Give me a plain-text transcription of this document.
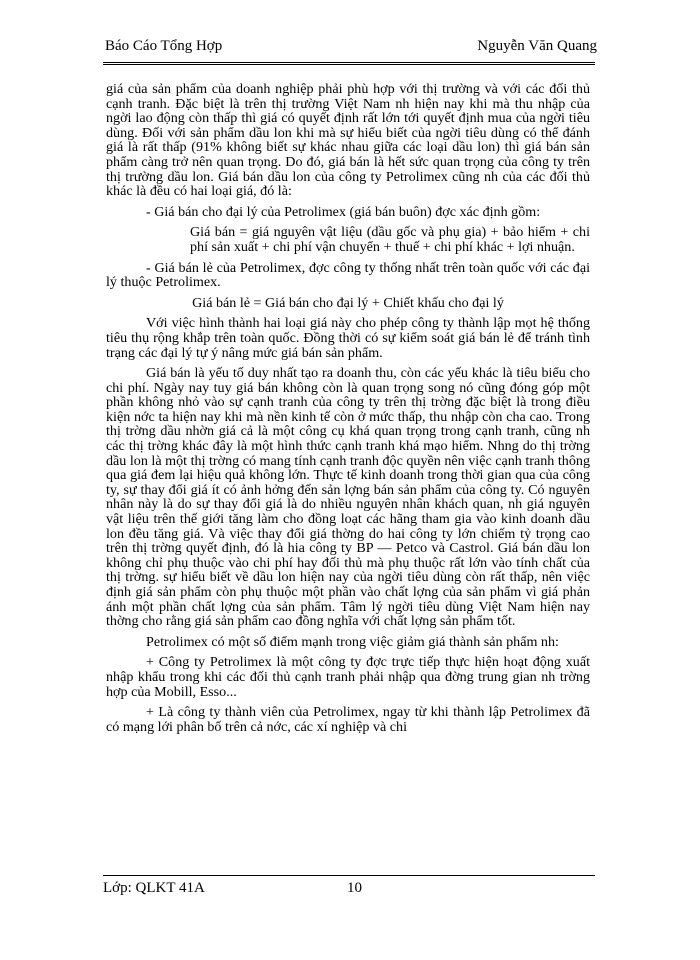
Báo Cáo Tổng Hợp	Nguyễn Văn Quang

giá của sản phẩm của doanh nghiệp phải phù hợp với thị trường và với các đối thủ cạnh tranh. Đặc biệt là trên thị trường Việt Nam nh hiện nay khi mà thu nhập của ngời lao động còn thấp thì giá có quyết định rất lớn tới quyết định mua của ngời tiêu dùng. Đối với sản phẩm dầu lon khi mà sự hiểu biết của ngời tiêu dùng có thể đánh giá là rất thấp (91% không biết sự khác nhau giữa các loại dầu lon) thì giá bán sản phẩm càng trở nên quan trọng. Do đó, giá bán là hết sức quan trọng của công ty trên thị trường dầu lon. Giá bán dầu lon của công ty Petrolimex cũng nh của các đối thủ khác là đều có hai loại giá, đó là:

- Giá bán cho đại lý của Petrolimex (giá bán buôn) đợc xác định gồm:

Giá bán = giá nguyên vật liệu (dầu gốc và phụ gia) + bảo hiểm + chi phí sản xuất + chi phí vận chuyển + thuế + chi phí khác + lợi nhuận.

- Giá bán lẻ của Petrolimex, đợc công ty thống nhất trên toàn quốc với các đại lý thuộc Petrolimex.

Giá bán lẻ = Giá bán cho đại lý + Chiết khấu cho đại lý

Với việc hình thành hai loại giá này cho phép công ty thành lập mọt hệ thống tiêu thụ rộng khắp trên toàn quốc. Đồng thời có sự kiểm soát giá bán lẻ để tránh tình trạng các đại lý tự ý nâng mức giá bán sản phẩm.

Giá bán là yếu tố duy nhất tạo ra doanh thu, còn các yếu khác là tiêu biểu cho chi phí. Ngày nay tuy giá bán không còn là quan trọng song nó cũng đóng góp một phần không nhỏ vào sự cạnh tranh của công ty trên thị trờng đặc biệt là trong điều kiện nớc ta hiện nay khi mà nền kinh tế còn ở mức thấp, thu nhập còn cha cao. Trong thị trờng dầu nhờn giá cả là một công cụ khá quan trọng trong cạnh tranh, cũng nh các thị trờng khác đây là một hình thức cạnh tranh khá mạo hiểm. Nhng do thị trờng dầu lon là một thị trờng có mang tính cạnh tranh độc quyền nên việc cạnh tranh thông qua giá đem lại hiệu quả không lớn. Thực tế kinh doanh trong thời gian qua của công ty, sự thay đổi giá ít có ảnh hởng đến sản lợng bán sản phẩm của công ty. Có nguyên nhân này là do sự thay đổi giá là do nhiều nguyên nhân khách quan, nh giá nguyên vật liệu trên thế giới tăng làm cho đồng loạt các hãng tham gia vào kinh doanh dầu lon đều tăng giá. Và việc thay đổi giá thờng do hai công ty lớn chiếm tỷ trọng cao trên thị trờng quyết định, đó là hia công ty BP — Petco và Castrol. Giá bán dầu lon không chỉ phụ thuộc vào chi phí hay đối thủ mà phụ thuộc rất lớn vào tính chất của thị trờng. sự hiểu biết về dầu lon hiện nay của ngời tiêu dùng còn rất thấp, nên việc định giá sản phẩm còn phụ thuộc một phần vào chất lợng của sản phẩm vì giá phản ánh một phần chất lợng của sản phẩm. Tâm lý ngời tiêu dùng Việt Nam hiện nay thờng cho rằng giá sản phẩm cao đồng nghĩa với chất lợng sản phẩm tốt.

Petrolimex có một số điểm mạnh trong việc giảm giá thành sản phẩm nh:

+ Công ty Petrolimex là một công ty đợc trực tiếp thực hiện hoạt động xuất nhập khẩu trong khi các đối thủ cạnh tranh phải nhập qua đờng trung gian nh trờng hợp của Mobill, Esso...

+ Là công ty thành viên của Petrolimex, ngay từ khi thành lập Petrolimex đã có mạng lới phân bố trên cả nớc, các xí nghiệp và chi

Lớp: QLKT 41A	10
